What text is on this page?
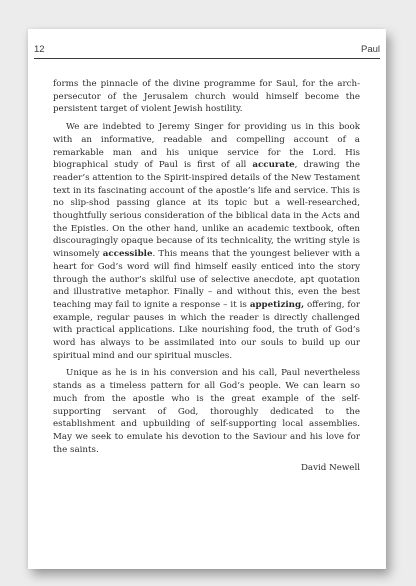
12	Paul

forms the pinnacle of the divine programme for Saul, for the arch-persecutor of the Jerusalem church would himself become the persistent target of violent Jewish hostility.

We are indebted to Jeremy Singer for providing us in this book with an informative, readable and compelling account of a remarkable man and his unique service for the Lord. His biographical study of Paul is first of all accurate, drawing the reader’s attention to the Spirit-inspired details of the New Testament text in its fascinating account of the apostle’s life and service. This is no slip-shod passing glance at its topic but a well-researched, thoughtfully serious consideration of the biblical data in the Acts and the Epistles. On the other hand, unlike an academic textbook, often discouragingly opaque because of its technicality, the writing style is winsomely accessible. This means that the youngest believer with a heart for God’s word will find himself easily enticed into the story through the author’s skilful use of selective anecdote, apt quotation and illustrative metaphor. Finally – and without this, even the best teaching may fail to ignite a response – it is appetizing, offering, for example, regular pauses in which the reader is directly challenged with practical applications. Like nourishing food, the truth of God’s word has always to be assimilated into our souls to build up our spiritual mind and our spiritual muscles.

Unique as he is in his conversion and his call, Paul nevertheless stands as a timeless pattern for all God’s people. We can learn so much from the apostle who is the great example of the self-supporting servant of God, thoroughly dedicated to the establishment and upbuilding of self-supporting local assemblies. May we seek to emulate his devotion to the Saviour and his love for the saints.

David Newell
